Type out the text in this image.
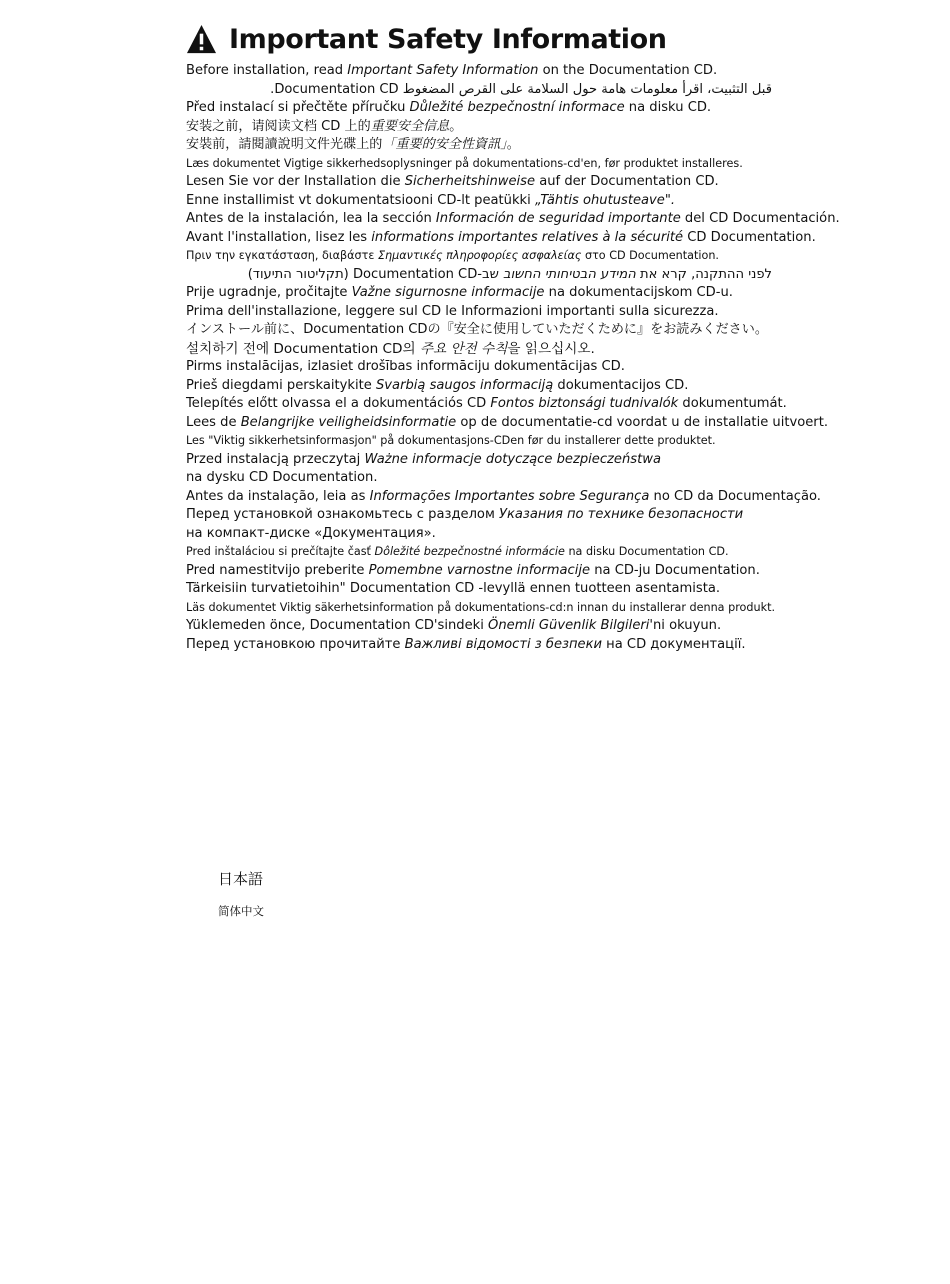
Important Safety Information
Before installation, read Important Safety Information on the Documentation CD.
قبل التثبيت، اقرأ معلومات هامة حول السلامة على القرص المضغوط Documentation CD.
Před instalací si přečtěte příručku Důležité bezpečnostní informace na disku CD.
安装之前，请阅读文档 CD 上的重要安全信息。
安裝前，請閱讀說明文件光碟上的「重要的安全性資訊」。
Læs dokumentet Vigtige sikkerhedsoplysninger på dokumentations-cd'en, før produktet installeres.
Lesen Sie vor der Installation die Sicherheitshinweise auf der Documentation CD.
Enne installimist vt dokumentatsiooni CD-lt peatükki „Tähtis ohutusteave".
Antes de la instalación, lea la sección Información de seguridad importante del CD Documentación.
Avant l'installation, lisez les informations importantes relatives à la sécurité CD Documentation.
Πριν την εγκατάσταση, διαβάστε Σημαντικές πληροφορίες ασφαλείας στο CD Documentation.
לפני ההתקנה, קרא את המידע הבטיחותי החשוב שב-Documentation CD (תקליטור התיעוד)
Prije ugradnje, pročitajte Važne sigurnosne informacije na dokumentacijskom CD-u.
Prima dell'installazione, leggere sul CD le Informazioni importanti sulla sicurezza.
インストール前に、Documentation CDの『安全に使用していただくために』をお読みください。
설치하기 전에 Documentation CD의 주요 안전 수칙을 읽으십시오.
Pirms instalācijas, izlasiet drošības informāciju dokumentācijas CD.
Prieš diegdami perskaitykite Svarbią saugos informaciją dokumentacijos CD.
Telepítés előtt olvassa el a dokumentációs CD Fontos biztonsági tudnivalók dokumentumát.
Lees de Belangrijke veiligheidsinformatie op de documentatie-cd voordat u de installatie uitvoert.
Les "Viktig sikkerhetsinformasjon" på dokumentasjons-CDen før du installerer dette produktet.
Przed instalacją przeczytaj Ważne informacje dotyczące bezpieczeństwa
na dysku CD Documentation.
Antes da instalação, leia as Informações Importantes sobre Segurança no CD da Documentação.
Перед установкой ознакомьтесь с разделом Указания по технике безопасности
на компакт-диске «Документация».
Pred inštaláciou si prečítajte časť Dôležité bezpečnostné informácie na disku Documentation CD.
Pred namestitvijo preberite Pomembne varnostne informacije na CD-ju Documentation.
Tärkeisiin turvatietoihin" Documentation CD -levyllä ennen tuotteen asentamista.
Läs dokumentet Viktig säkerhetsinformation på dokumentations-cd:n innan du installerar denna produkt.
Yüklemeden önce, Documentation CD'sindeki Önemli Güvenlik Bilgileri'ni okuyun.
Перед установкою прочитайте Важливі відомості з безпеки на CD документації.
日本語
简体中文
